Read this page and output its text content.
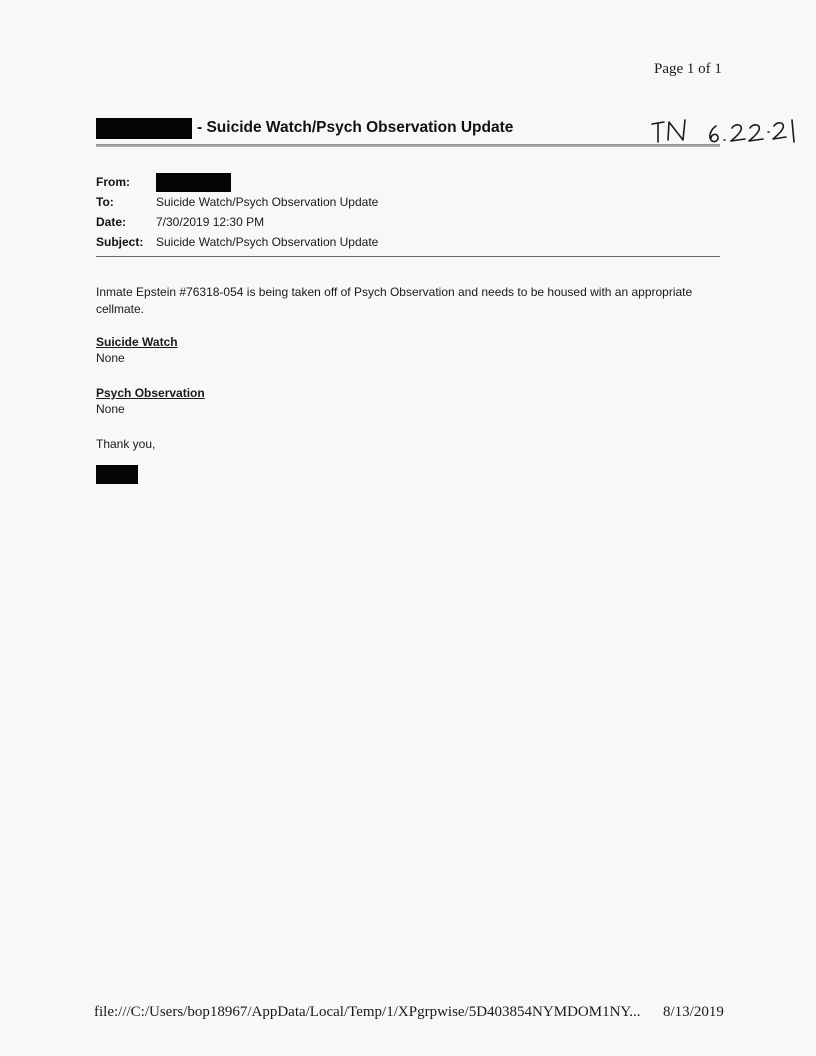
Page 1 of 1
- Suicide Watch/Psych Observation Update
From:
To:	Suicide Watch/Psych Observation Update
Date:	7/30/2019 12:30 PM
Subject:	Suicide Watch/Psych Observation Update
Inmate Epstein #76318-054 is being taken off of Psych Observation and needs to be housed with an appropriate cellmate.
Suicide Watch
None
Psych Observation
None
Thank you,
file:///C:/Users/bop18967/AppData/Local/Temp/1/XPgrpwise/5D403854NYMDOM1NY... 8/13/2019
